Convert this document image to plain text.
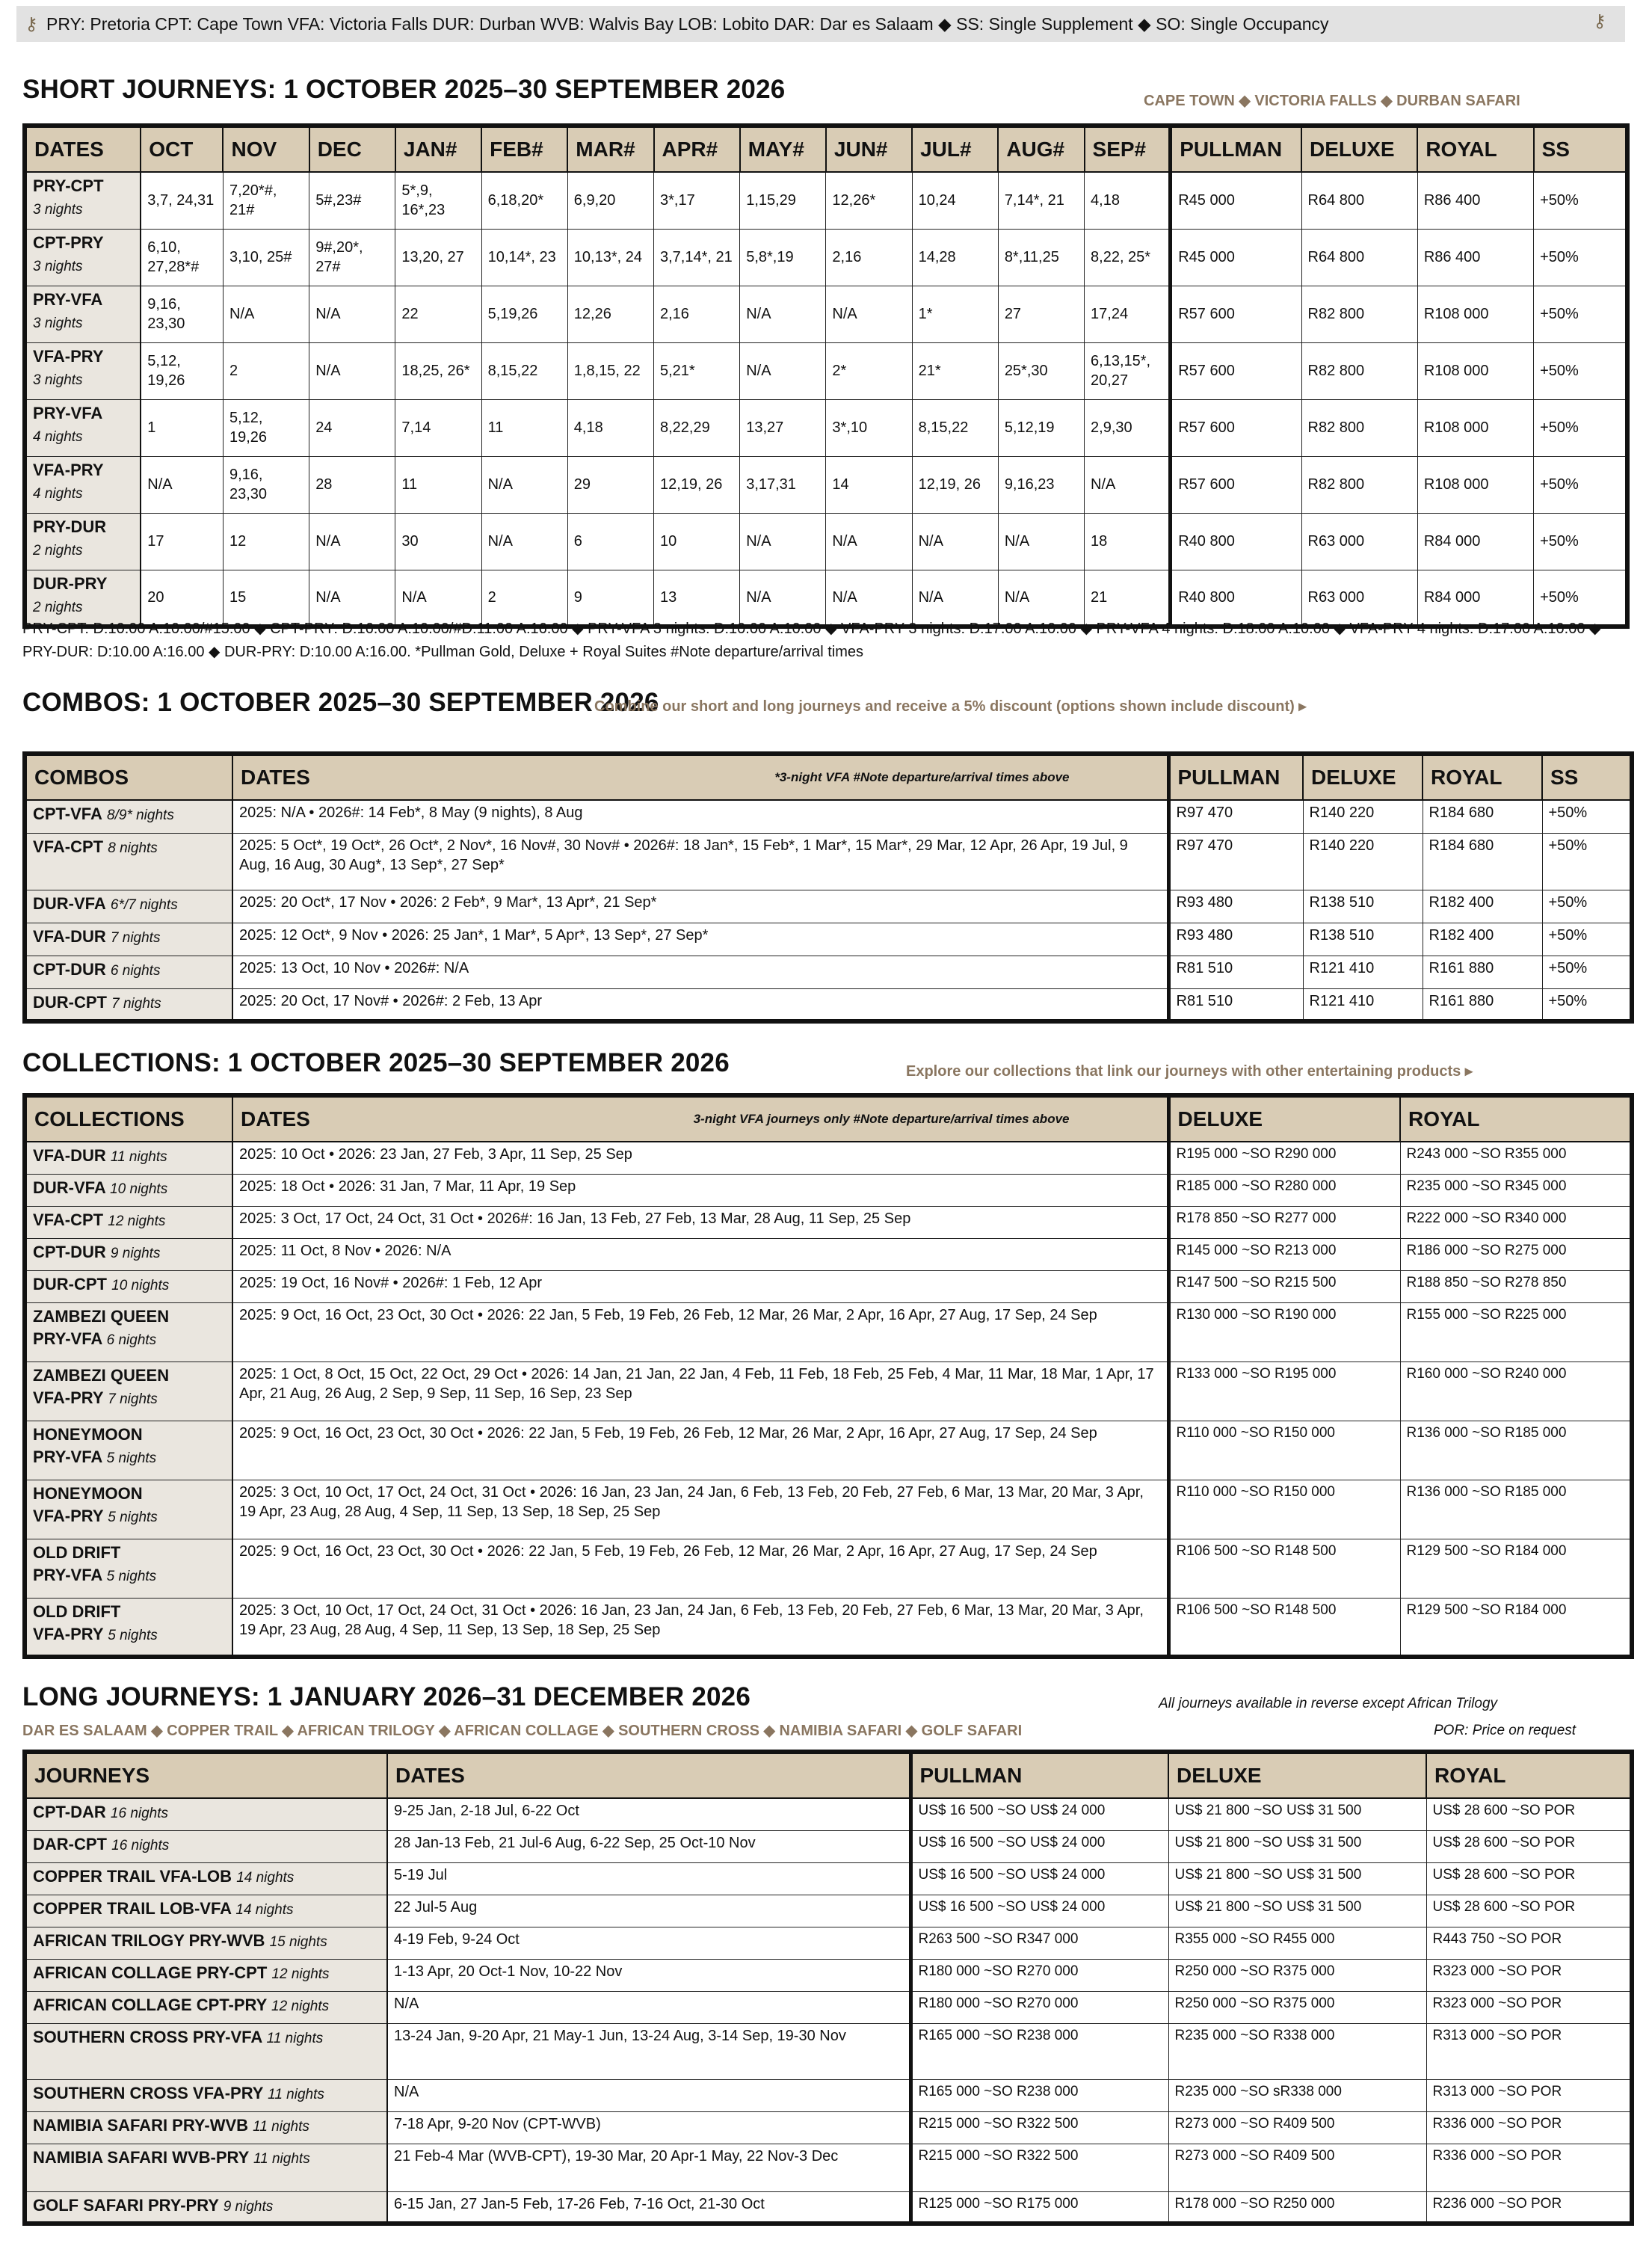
⚷ PRY: Pretoria CPT: Cape Town VFA: Victoria Falls DUR: Durban WVB: Walvis Bay LOB: Lobito DAR: Dar es Salaam ◆ SS: Single Supplement ◆ SO: Single Occupancy	⚷
SHORT JOURNEYS: 1 OCTOBER 2025–30 SEPTEMBER 2026	CAPE TOWN ◆ VICTORIA FALLS ◆ DURBAN SAFARI
DATES	OCT	NOV	DEC	JAN#	FEB#	MAR#	APR#	MAY#	JUN#	JUL#	AUG#	SEP#	PULLMAN	DELUXE	ROYAL	SS

PRY-CPT
3 nights	3,7, 24,31	7,20*#, 21#	5#,23#	5*,9, 16*,23	6,18,20*	6,9,20	3*,17	1,15,29	12,26*	10,24	7,14*, 21	4,18	R45 000	R64 800	R86 400	+50%

CPT-PRY
3 nights	6,10, 27,28*#	3,10, 25#	9#,20*, 27#	13,20, 27	10,14*, 23	10,13*, 24	3,7,14*, 21	5,8*,19	2,16	14,28	8*,11,25	8,22, 25*	R45 000	R64 800	R86 400	+50%

PRY-VFA
3 nights	9,16, 23,30	N/A	N/A	22	5,19,26	12,26	2,16	N/A	N/A	1*	27	17,24	R57 600	R82 800	R108 000	+50%

VFA-PRY
3 nights	5,12, 19,26	2	N/A	18,25, 26*	8,15,22	1,8,15, 22	5,21*	N/A	2*	21*	25*,30	6,13,15*, 20,27	R57 600	R82 800	R108 000	+50%

PRY-VFA
4 nights	1	5,12, 19,26	24	7,14	11	4,18	8,22,29	13,27	3*,10	8,15,22	5,12,19	2,9,30	R57 600	R82 800	R108 000	+50%

VFA-PRY
4 nights	N/A	9,16, 23,30	28	11	N/A	29	12,19, 26	3,17,31	14	12,19, 26	9,16,23	N/A	R57 600	R82 800	R108 000	+50%

PRY-DUR
2 nights	17	12	N/A	30	N/A	6	10	N/A	N/A	N/A	N/A	18	R40 800	R63 000	R84 000	+50%

DUR-PRY
2 nights	20	15	N/A	N/A	2	9	13	N/A	N/A	N/A	N/A	21	R40 800	R63 000	R84 000	+50%
PRY-CPT: D:10.00 A:10.00/#15:00 ◆ CPT-PRY: D:16.00 A:10.00/#D:11:00 A:16.00 ◆ PRY-VFA 3 nights: D:10.00 A:10.00 ◆ VFA-PRY 3 nights: D:17.00 A:10.00 ◆ PRY-VFA 4 nights: D:18.00 A:10.00 ◆ VFA-PRY 4 nights: D:17.00 A:10.00 ◆ PRY-DUR: D:10.00 A:16.00 ◆ DUR-PRY: D:10.00 A:16.00. *Pullman Gold, Deluxe + Royal Suites #Note departure/arrival times
COMBOS: 1 OCTOBER 2025–30 SEPTEMBER 2026
Combine our short and long journeys and receive a 5% discount (options shown include discount) ▸
COMBOS	DATES *3-night VFA #Note departure/arrival times above	PULLMAN	DELUXE	ROYAL	SS
CPT-VFA 8/9* nights	2025: N/A • 2026#: 14 Feb*, 8 May (9 nights), 8 Aug	R97 470	R140 220	R184 680	+50%
VFA-CPT 8 nights	2025: 5 Oct*, 19 Oct*, 26 Oct*, 2 Nov*, 16 Nov#, 30 Nov# • 2026#: 18 Jan*, 15 Feb*, 1 Mar*, 15 Mar*, 29 Mar, 12 Apr, 26 Apr, 19 Jul, 9 Aug, 16 Aug, 30 Aug*, 13 Sep*, 27 Sep*	R97 470	R140 220	R184 680	+50%
DUR-VFA 6*/7 nights	2025: 20 Oct*, 17 Nov • 2026: 2 Feb*, 9 Mar*, 13 Apr*, 21 Sep*	R93 480	R138 510	R182 400	+50%
VFA-DUR 7 nights	2025: 12 Oct*, 9 Nov • 2026: 25 Jan*, 1 Mar*, 5 Apr*, 13 Sep*, 27 Sep*	R93 480	R138 510	R182 400	+50%
CPT-DUR 6 nights	2025: 13 Oct, 10 Nov • 2026#: N/A	R81 510	R121 410	R161 880	+50%
DUR-CPT 7 nights	2025: 20 Oct, 17 Nov# • 2026#: 2 Feb, 13 Apr	R81 510	R121 410	R161 880	+50%
COLLECTIONS: 1 OCTOBER 2025–30 SEPTEMBER 2026	Explore our collections that link our journeys with other entertaining products ▸
COLLECTIONS	DATES 3-night VFA journeys only #Note departure/arrival times above	DELUXE	ROYAL
VFA-DUR 11 nights	2025: 10 Oct • 2026: 23 Jan, 27 Feb, 3 Apr, 11 Sep, 25 Sep	R195 000 ~SO R290 000	R243 000 ~SO R355 000
DUR-VFA 10 nights	2025: 18 Oct • 2026: 31 Jan, 7 Mar, 11 Apr, 19 Sep	R185 000 ~SO R280 000	R235 000 ~SO R345 000
VFA-CPT 12 nights	2025: 3 Oct, 17 Oct, 24 Oct, 31 Oct • 2026#: 16 Jan, 13 Feb, 27 Feb, 13 Mar, 28 Aug, 11 Sep, 25 Sep	R178 850 ~SO R277 000	R222 000 ~SO R340 000
CPT-DUR 9 nights	2025: 11 Oct, 8 Nov • 2026: N/A	R145 000 ~SO R213 000	R186 000 ~SO R275 000
DUR-CPT 10 nights	2025: 19 Oct, 16 Nov# • 2026#: 1 Feb, 12 Apr	R147 500 ~SO R215 500	R188 850 ~SO R278 850

ZAMBEZI QUEEN
PRY-VFA 6 nights	2025: 9 Oct, 16 Oct, 23 Oct, 30 Oct • 2026: 22 Jan, 5 Feb, 19 Feb, 26 Feb, 12 Mar, 26 Mar, 2 Apr, 16 Apr, 27 Aug, 17 Sep, 24 Sep	R130 000 ~SO R190 000	R155 000 ~SO R225 000

ZAMBEZI QUEEN
VFA-PRY 7 nights	2025: 1 Oct, 8 Oct, 15 Oct, 22 Oct, 29 Oct • 2026: 14 Jan, 21 Jan, 22 Jan, 4 Feb, 11 Feb, 18 Feb, 25 Feb, 4 Mar, 11 Mar, 18 Mar, 1 Apr, 17 Apr, 21 Aug, 26 Aug, 2 Sep, 9 Sep, 11 Sep, 16 Sep, 23 Sep	R133 000 ~SO R195 000	R160 000 ~SO R240 000

HONEYMOON
PRY-VFA 5 nights	2025: 9 Oct, 16 Oct, 23 Oct, 30 Oct • 2026: 22 Jan, 5 Feb, 19 Feb, 26 Feb, 12 Mar, 26 Mar, 2 Apr, 16 Apr, 27 Aug, 17 Sep, 24 Sep	R110 000 ~SO R150 000	R136 000 ~SO R185 000

HONEYMOON
VFA-PRY 5 nights	2025: 3 Oct, 10 Oct, 17 Oct, 24 Oct, 31 Oct • 2026: 16 Jan, 23 Jan, 24 Jan, 6 Feb, 13 Feb, 20 Feb, 27 Feb, 6 Mar, 13 Mar, 20 Mar, 3 Apr, 19 Apr, 23 Aug, 28 Aug, 4 Sep, 11 Sep, 13 Sep, 18 Sep, 25 Sep	R110 000 ~SO R150 000	R136 000 ~SO R185 000

OLD DRIFT
PRY-VFA 5 nights	2025: 9 Oct, 16 Oct, 23 Oct, 30 Oct • 2026: 22 Jan, 5 Feb, 19 Feb, 26 Feb, 12 Mar, 26 Mar, 2 Apr, 16 Apr, 27 Aug, 17 Sep, 24 Sep	R106 500 ~SO R148 500	R129 500 ~SO R184 000

OLD DRIFT
VFA-PRY 5 nights	2025: 3 Oct, 10 Oct, 17 Oct, 24 Oct, 31 Oct • 2026: 16 Jan, 23 Jan, 24 Jan, 6 Feb, 13 Feb, 20 Feb, 27 Feb, 6 Mar, 13 Mar, 20 Mar, 3 Apr, 19 Apr, 23 Aug, 28 Aug, 4 Sep, 11 Sep, 13 Sep, 18 Sep, 25 Sep	R106 500 ~SO R148 500	R129 500 ~SO R184 000
LONG JOURNEYS: 1 JANUARY 2026–31 DECEMBER 2026	All journeys available in reverse except African Trilogy
DAR ES SALAAM ◆ COPPER TRAIL ◆ AFRICAN TRILOGY ◆ AFRICAN COLLAGE ◆ SOUTHERN CROSS ◆ NAMIBIA SAFARI ◆ GOLF SAFARI	POR: Price on request
JOURNEYS	DATES	PULLMAN	DELUXE	ROYAL
CPT-DAR 16 nights	9-25 Jan, 2-18 Jul, 6-22 Oct	US$ 16 500 ~SO US$ 24 000	US$ 21 800 ~SO US$ 31 500	US$ 28 600 ~SO POR
DAR-CPT 16 nights	28 Jan-13 Feb, 21 Jul-6 Aug, 6-22 Sep, 25 Oct-10 Nov	US$ 16 500 ~SO US$ 24 000	US$ 21 800 ~SO US$ 31 500	US$ 28 600 ~SO POR
COPPER TRAIL VFA-LOB 14 nights	5-19 Jul	US$ 16 500 ~SO US$ 24 000	US$ 21 800 ~SO US$ 31 500	US$ 28 600 ~SO POR
COPPER TRAIL LOB-VFA 14 nights	22 Jul-5 Aug	US$ 16 500 ~SO US$ 24 000	US$ 21 800 ~SO US$ 31 500	US$ 28 600 ~SO POR
AFRICAN TRILOGY PRY-WVB 15 nights	4-19 Feb, 9-24 Oct	R263 500 ~SO R347 000	R355 000 ~SO R455 000	R443 750 ~SO POR
AFRICAN COLLAGE PRY-CPT 12 nights	1-13 Apr, 20 Oct-1 Nov, 10-22 Nov	R180 000 ~SO R270 000	R250 000 ~SO R375 000	R323 000 ~SO POR
AFRICAN COLLAGE CPT-PRY 12 nights	N/A	R180 000 ~SO R270 000	R250 000 ~SO R375 000	R323 000 ~SO POR
SOUTHERN CROSS PRY-VFA 11 nights	13-24 Jan, 9-20 Apr, 21 May-1 Jun, 13-24 Aug, 3-14 Sep, 19-30 Nov	R165 000 ~SO R238 000	R235 000 ~SO R338 000	R313 000 ~SO POR
SOUTHERN CROSS VFA-PRY 11 nights	N/A	R165 000 ~SO R238 000	R235 000 ~SO sR338 000	R313 000 ~SO POR
NAMIBIA SAFARI PRY-WVB 11 nights	7-18 Apr, 9-20 Nov (CPT-WVB)	R215 000 ~SO R322 500	R273 000 ~SO R409 500	R336 000 ~SO POR
NAMIBIA SAFARI WVB-PRY 11 nights	21 Feb-4 Mar (WVB-CPT), 19-30 Mar, 20 Apr-1 May, 22 Nov-3 Dec	R215 000 ~SO R322 500	R273 000 ~SO R409 500	R336 000 ~SO POR
GOLF SAFARI PRY-PRY 9 nights	6-15 Jan, 27 Jan-5 Feb, 17-26 Feb, 7-16 Oct, 21-30 Oct	R125 000 ~SO R175 000	R178 000 ~SO R250 000	R236 000 ~SO POR
